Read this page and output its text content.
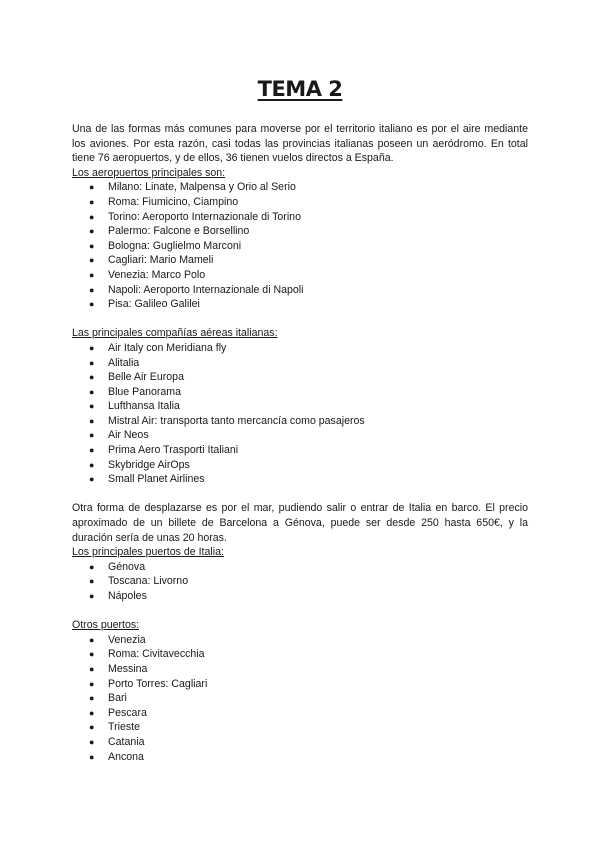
TEMA 2

Una de las formas más comunes para moverse por el territorio italiano es por el aire mediante los aviones. Por esta razón, casi todas las provincias italianas poseen un aeródromo. En total tiene 76 aeropuertos, y de ellos, 36 tienen vuelos directos a España.

Los aeropuertos principales son:

● Milano: Linate, Malpensa y Orio al Serio
● Roma: Fiumicino, Ciampino
● Torino: Aeroporto Internazionale di Torino
● Palermo: Falcone e Borsellino
● Bologna: Guglielmo Marconi
● Cagliari: Mario Mameli
● Venezia: Marco Polo
● Napoli: Aeroporto Internazionale di Napoli
● Pisa: Galileo Galilei

Las principales compañías aéreas italianas:

● Air Italy con Meridiana fly
● Alitalia
● Belle Air Europa
● Blue Panorama
● Lufthansa Italia
● Mistral Air: transporta tanto mercancía como pasajeros
● Air Neos
● Prima Aero Trasporti Italiani
● Skybridge AirOps
● Small Planet Airlines

Otra forma de desplazarse es por el mar, pudiendo salir o entrar de Italia en barco. El precio aproximado de un billete de Barcelona a Génova, puede ser desde 250 hasta 650€, y la duración sería de unas 20 horas.

Los principales puertos de Italia:

● Génova
● Toscana: Livorno
● Nápoles

Otros puertos:

● Venezia
● Roma: Civitavecchia
● Messina
● Porto Torres: Cagliari
● Bari
● Pescara
● Trieste
● Catania
● Ancona
